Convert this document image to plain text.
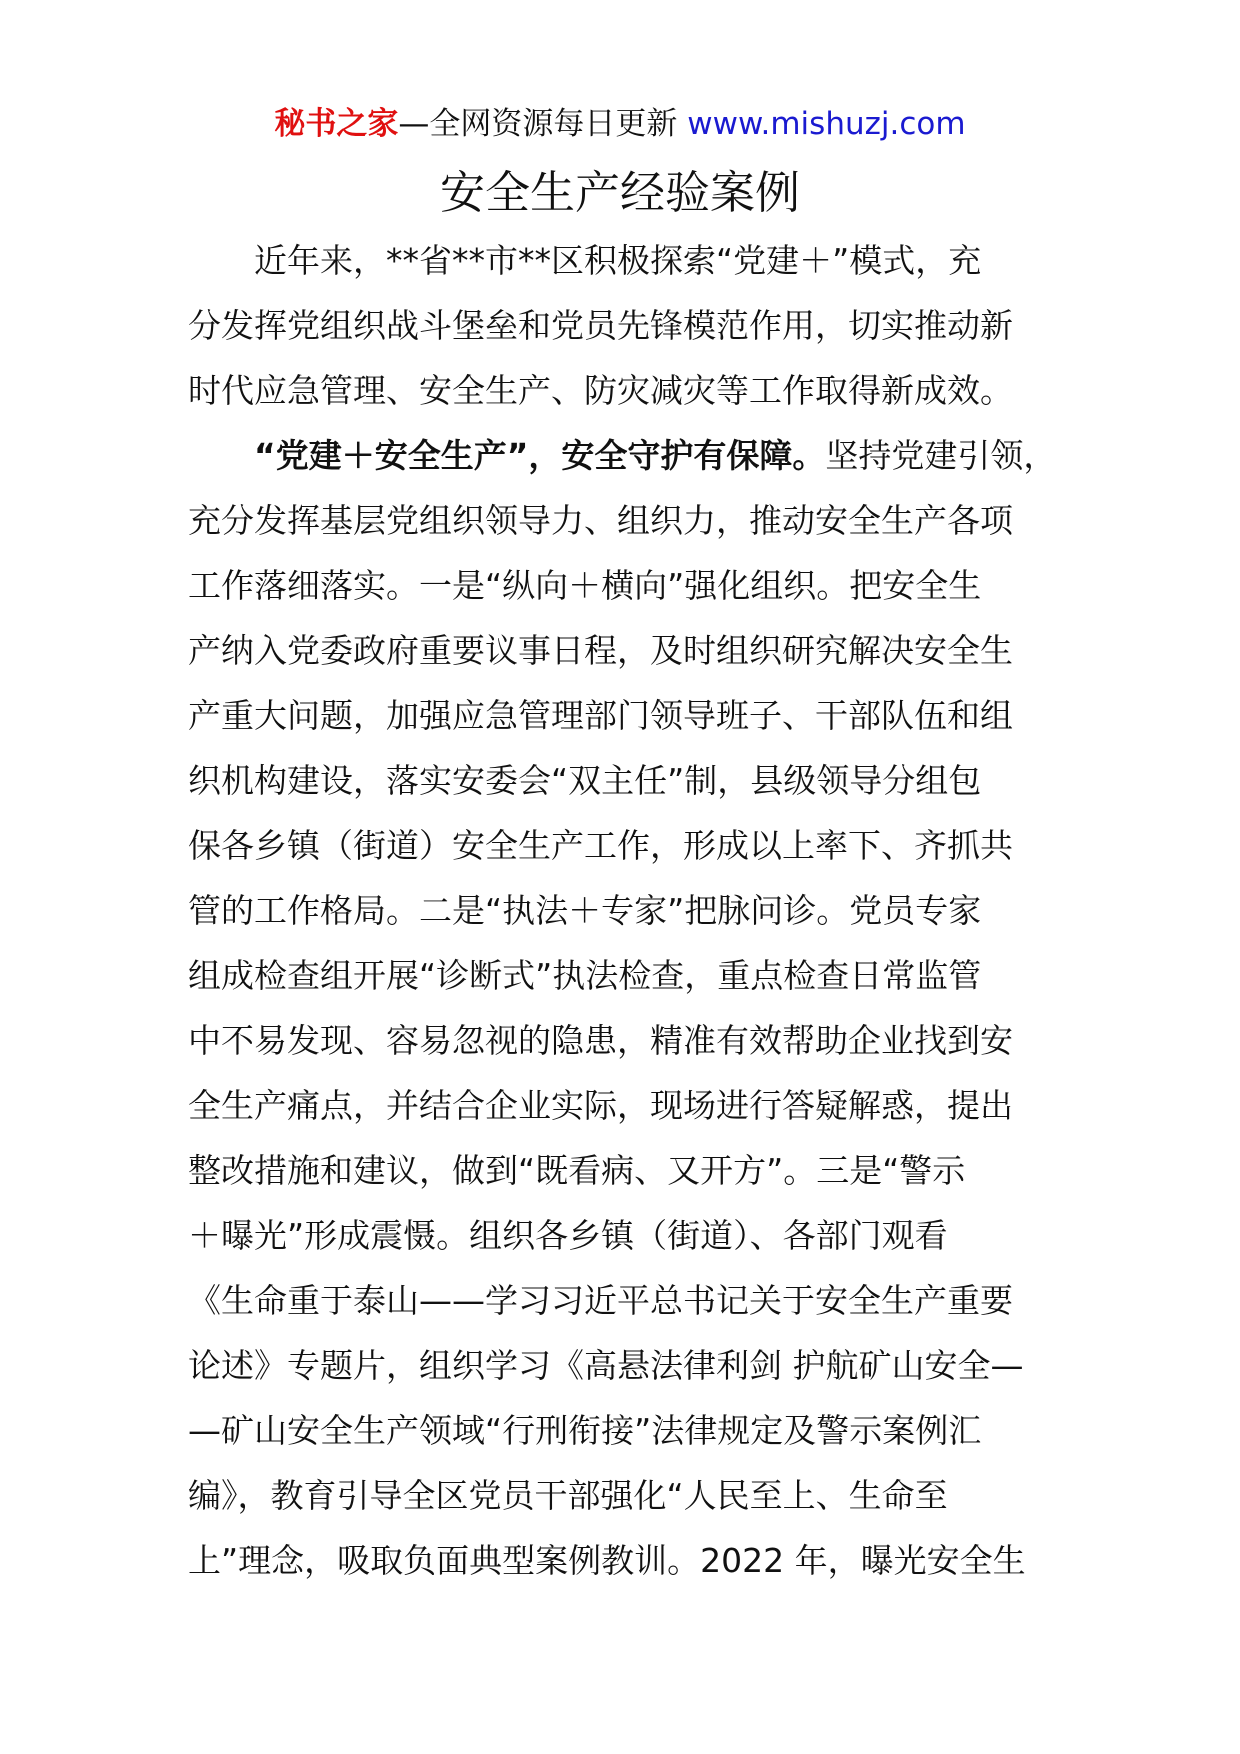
秘书之家—全网资源每日更新 www.mishuzj.com
安全生产经验案例
近年来，**省**市**区积极探索“党建＋”模式，充
分发挥党组织战斗堡垒和党员先锋模范作用，切实推动新
时代应急管理、安全生产、防灾减灾等工作取得新成效。
“党建＋安全生产”，安全守护有保障。坚持党建引领，
充分发挥基层党组织领导力、组织力，推动安全生产各项
工作落细落实。一是“纵向＋横向”强化组织。把安全生
产纳入党委政府重要议事日程，及时组织研究解决安全生
产重大问题，加强应急管理部门领导班子、干部队伍和组
织机构建设，落实安委会“双主任”制，县级领导分组包
保各乡镇（街道）安全生产工作，形成以上率下、齐抓共
管的工作格局。二是“执法＋专家”把脉问诊。党员专家
组成检查组开展“诊断式”执法检查，重点检查日常监管
中不易发现、容易忽视的隐患，精准有效帮助企业找到安
全生产痛点，并结合企业实际，现场进行答疑解惑，提出
整改措施和建议，做到“既看病、又开方”。三是“警示
＋曝光”形成震慑。组织各乡镇（街道）、各部门观看
《生命重于泰山——学习习近平总书记关于安全生产重要
论述》专题片，组织学习《高悬法律利剑 护航矿山安全—
—矿山安全生产领域“行刑衔接”法律规定及警示案例汇
编》，教育引导全区党员干部强化“人民至上、生命至
上”理念，吸取负面典型案例教训。2022 年，曝光安全生
